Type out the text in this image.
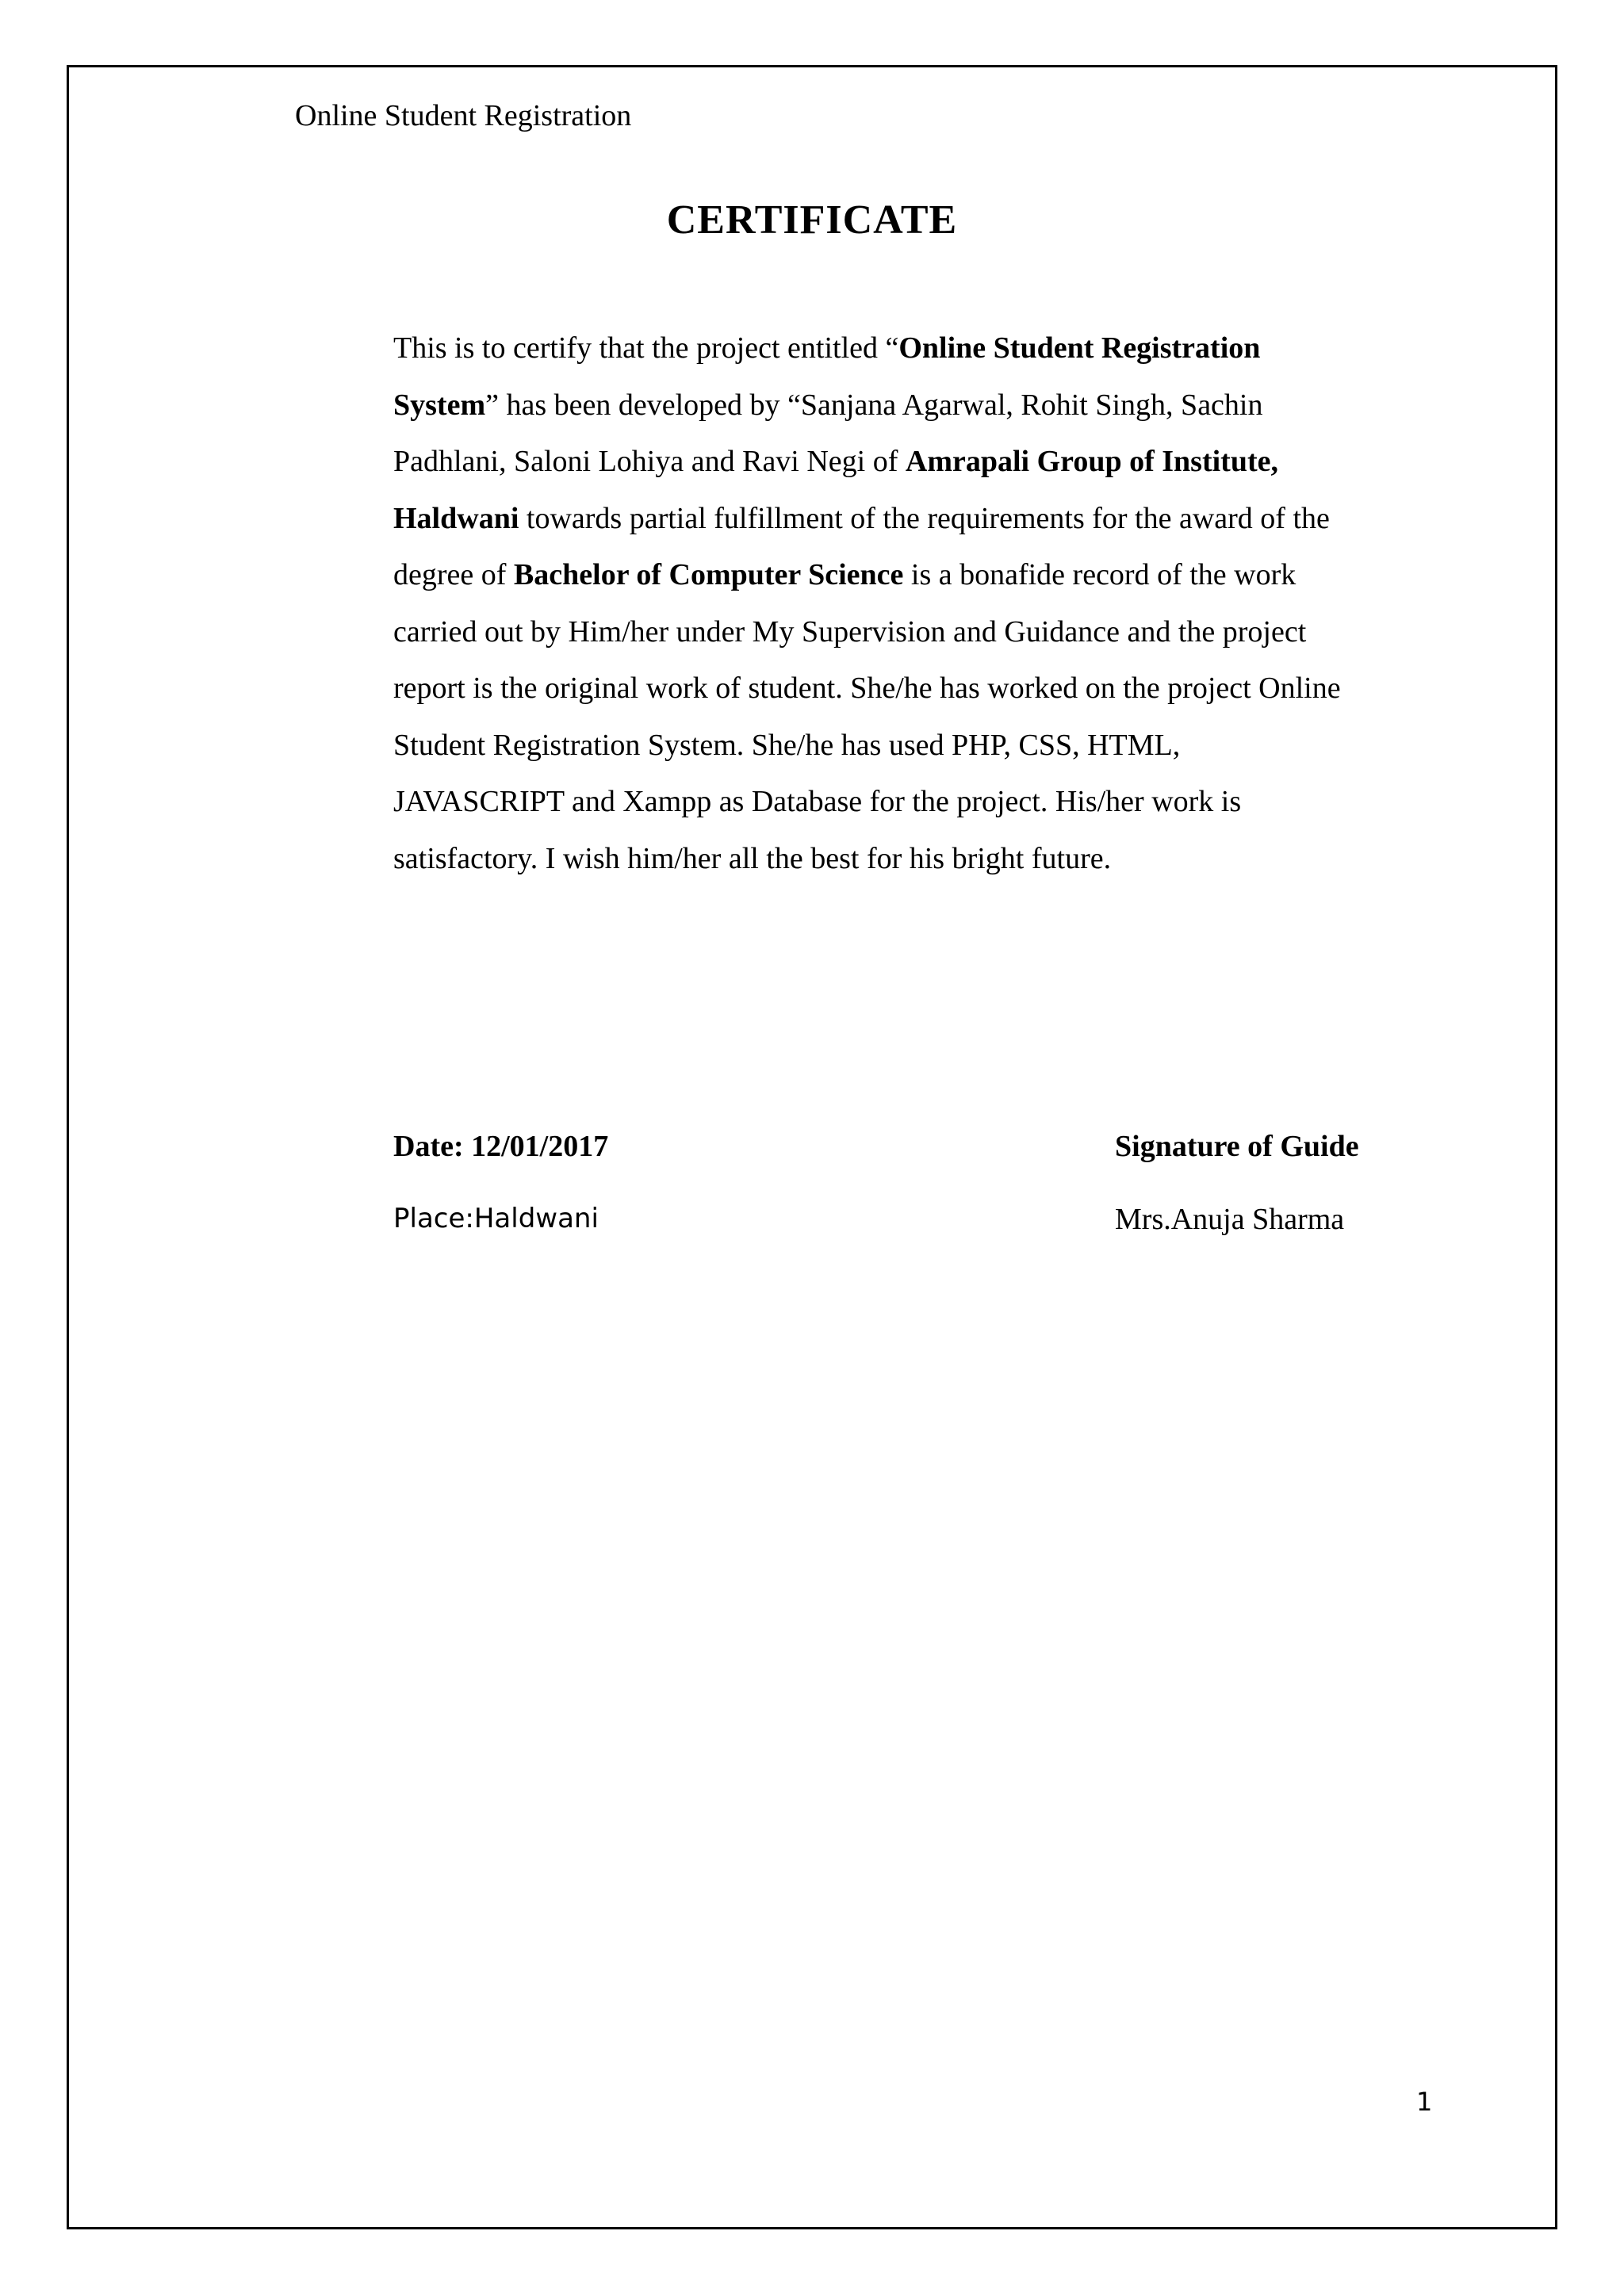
Online Student Registration
CERTIFICATE
This is to certify that the project entitled “Online Student Registration
System” has been developed by “Sanjana Agarwal, Rohit Singh, Sachin
Padhlani, Saloni Lohiya and Ravi Negi of Amrapali Group of Institute,
Haldwani towards partial fulfillment of the requirements for the award of the
degree of Bachelor of Computer Science is a bonafide record of the work
carried out by Him/her under My Supervision and Guidance and the project
report is the original work of student. She/he has worked on the project Online
Student Registration System. She/he has used PHP, CSS, HTML,
JAVASCRIPT and Xampp as Database for the project. His/her work is
satisfactory. I wish him/her all the best for his bright future.
Date: 12/01/2017
Place:Haldwani
Signature of Guide
Mrs.Anuja Sharma
1
